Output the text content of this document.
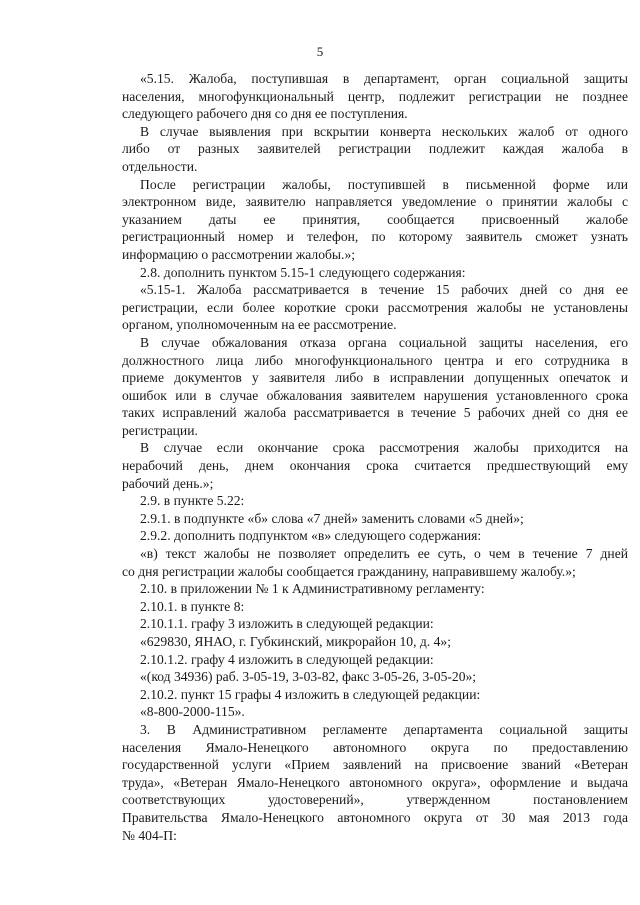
5
«5.15. Жалоба, поступившая в департамент, орган социальной защиты
населения, многофункциональный центр, подлежит регистрации не позднее
следующего рабочего дня со дня ее поступления.
В случае выявления при вскрытии конверта нескольких жалоб от одного
либо от разных заявителей регистрации подлежит каждая жалоба в
отдельности.
После регистрации жалобы, поступившей в письменной форме или
электронном виде, заявителю направляется уведомление о принятии жалобы с
указанием даты ее принятия, сообщается присвоенный жалобе
регистрационный номер и телефон, по которому заявитель сможет узнать
информацию о рассмотрении жалобы.»;
2.8. дополнить пунктом 5.15-1 следующего содержания:
«5.15-1. Жалоба рассматривается в течение 15 рабочих дней со дня ее
регистрации, если более короткие сроки рассмотрения жалобы не установлены
органом, уполномоченным на ее рассмотрение.
В случае обжалования отказа органа социальной защиты населения, его
должностного лица либо многофункционального центра и его сотрудника в
приеме документов у заявителя либо в исправлении допущенных опечаток и
ошибок или в случае обжалования заявителем нарушения установленного срока
таких исправлений жалоба рассматривается в течение 5 рабочих дней со дня ее
регистрации.
В случае если окончание срока рассмотрения жалобы приходится на
нерабочий день, днем окончания срока считается предшествующий ему
рабочий день.»;
2.9. в пункте 5.22:
2.9.1. в подпункте «б» слова «7 дней» заменить словами «5 дней»;
2.9.2. дополнить подпунктом «в» следующего содержания:
«в) текст жалобы не позволяет определить ее суть, о чем в течение 7 дней
со дня регистрации жалобы сообщается гражданину, направившему жалобу.»;
2.10. в приложении № 1 к Административному регламенту:
2.10.1. в пункте 8:
2.10.1.1. графу 3 изложить в следующей редакции:
«629830, ЯНАО, г. Губкинский, микрорайон 10, д. 4»;
2.10.1.2. графу 4 изложить в следующей редакции:
«(код 34936) раб. 3-05-19, 3-03-82, факс 3-05-26, 3-05-20»;
2.10.2. пункт 15 графы 4 изложить в следующей редакции:
«8-800-2000-115».
3. В Административном регламенте департамента социальной защиты
населения Ямало-Ненецкого автономного округа по предоставлению
государственной услуги «Прием заявлений на присвоение званий «Ветеран
труда», «Ветеран Ямало-Ненецкого автономного округа», оформление и выдача
соответствующих удостоверений», утвержденном постановлением
Правительства Ямало-Ненецкого автономного округа от 30 мая 2013 года
№ 404-П:
